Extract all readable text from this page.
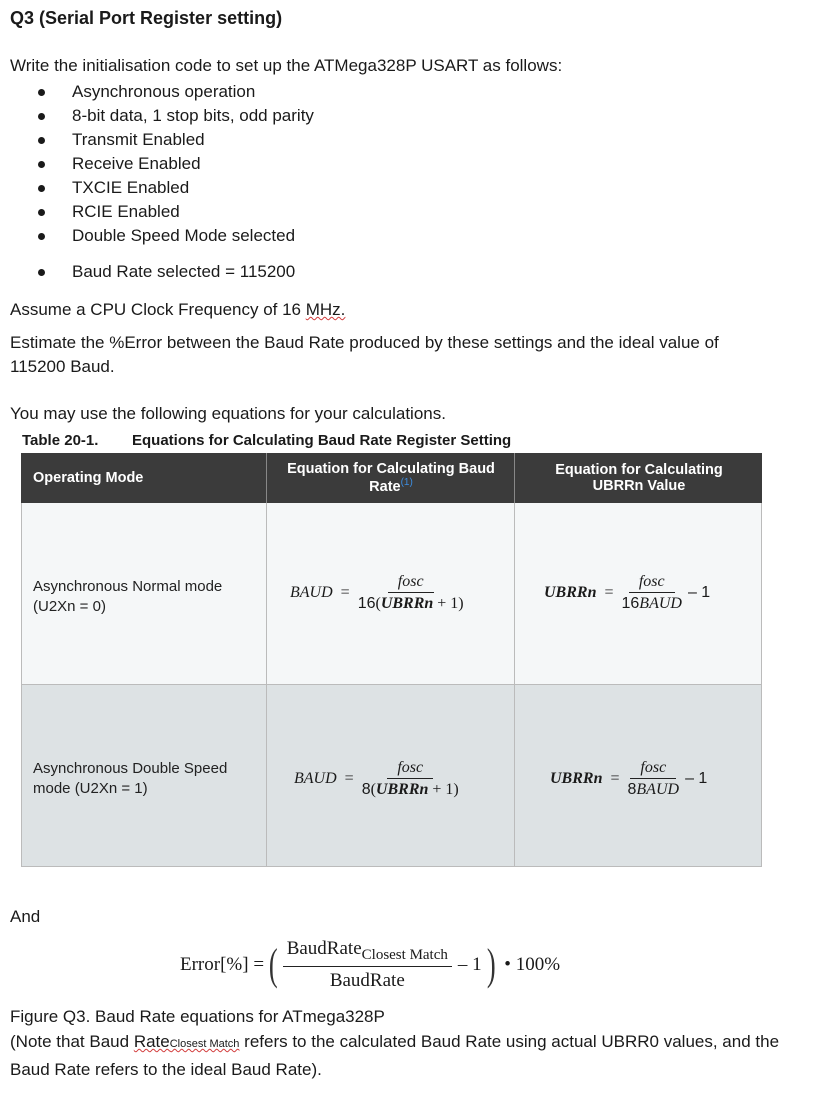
Q3 (Serial Port Register setting)
Write the initialisation code to set up the ATMega328P USART as follows:
Asynchronous operation
8-bit data, 1 stop bits, odd parity
Transmit Enabled
Receive Enabled
TXCIE Enabled
RCIE Enabled
Double Speed Mode selected
Baud Rate selected = 115200
Assume a CPU Clock Frequency of 16 MHz.
Estimate the %Error between the Baud Rate produced by these settings and the ideal value of
115200 Baud.
You may use the following equations for your calculations.
Table 20-1. Equations for Calculating Baud Rate Register Setting
Operating Mode
Equation for Calculating Baud
Rate$^{(1)}$
Equation for Calculating
UBRRn Value
Asynchronous Normal mode
(U2Xn = 0)
BAUD = $\frac{\text{fosc}}{\text{16(UBRRn + 1)}}$	UBRRn = $\frac{\text{fosc}}{\text{16BAUD}} - 1$
Asynchronous Double Speed
mode (U2Xn = 1)
BAUD = $\frac{\text{fosc}}{\text{8(UBRRn + 1)}}$	UBRRn = $\frac{\text{fosc}}{\text{8BAUD}} - 1$
And
Error[%] = ( BaudRate$_{Closest Match}$
BaudRate
– 1 ) • 100%
Figure Q3. Baud Rate equations for ATmega328P
(Note that Baud RateClosest Match refers to the calculated Baud Rate using actual UBRR0 values, and the
Baud Rate refers to the ideal Baud Rate).
